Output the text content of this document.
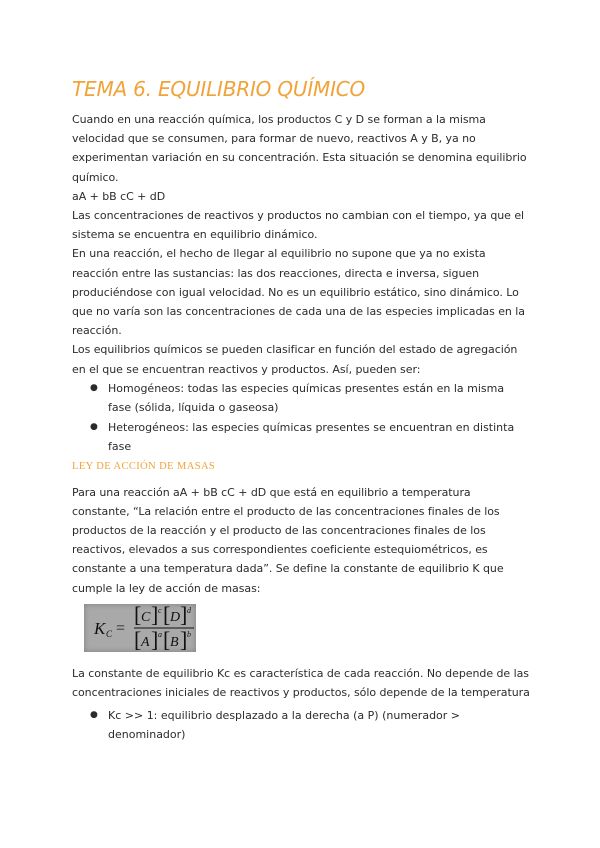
TEMA 6. EQUILIBRIO QUÍMICO

Cuando en una reacción química, los productos C y D se forman a la misma velocidad que se consumen, para formar de nuevo, reactivos A y B, ya no experimentan variación en su concentración. Esta situación se denomina equilibrio químico.

aA + bB cC + dD

Las concentraciones de reactivos y productos no cambian con el tiempo, ya que el sistema se encuentra en equilibrio dinámico.

En una reacción, el hecho de llegar al equilibrio no supone que ya no exista reacción entre las sustancias: las dos reacciones, directa e inversa, siguen produciéndose con igual velocidad. No es un equilibrio estático, sino dinámico. Lo que no varía son las concentraciones de cada una de las especies implicadas en la reacción.

Los equilibrios químicos se pueden clasificar en función del estado de agregación en el que se encuentran reactivos y productos. Así, pueden ser:

● Homogéneos: todas las especies químicas presentes están en la misma fase (sólida, líquida o gaseosa)
● Heterogéneos: las especies químicas presentes se encuentran en distinta fase
LEY DE ACCIÓN DE MASAS

Para una reacción aA + bB cC + dD que está en equilibrio a temperatura constante, “La relación entre el producto de las concentraciones finales de los productos de la reacción y el producto de las concentraciones finales de los reactivos, elevados a sus correspondientes coeficiente estequiométricos, es constante a una temperatura dada”. Se define la constante de equilibrio K que cumple la ley de acción de masas:

K C =
[ C ] c [ D ] d
[ A ] a [ B ] b

La constante de equilibrio Kc es característica de cada reacción. No depende de las concentraciones iniciales de reactivos y productos, sólo depende de la temperatura

● Kc >> 1: equilibrio desplazado a la derecha (a P) (numerador > denominador)
